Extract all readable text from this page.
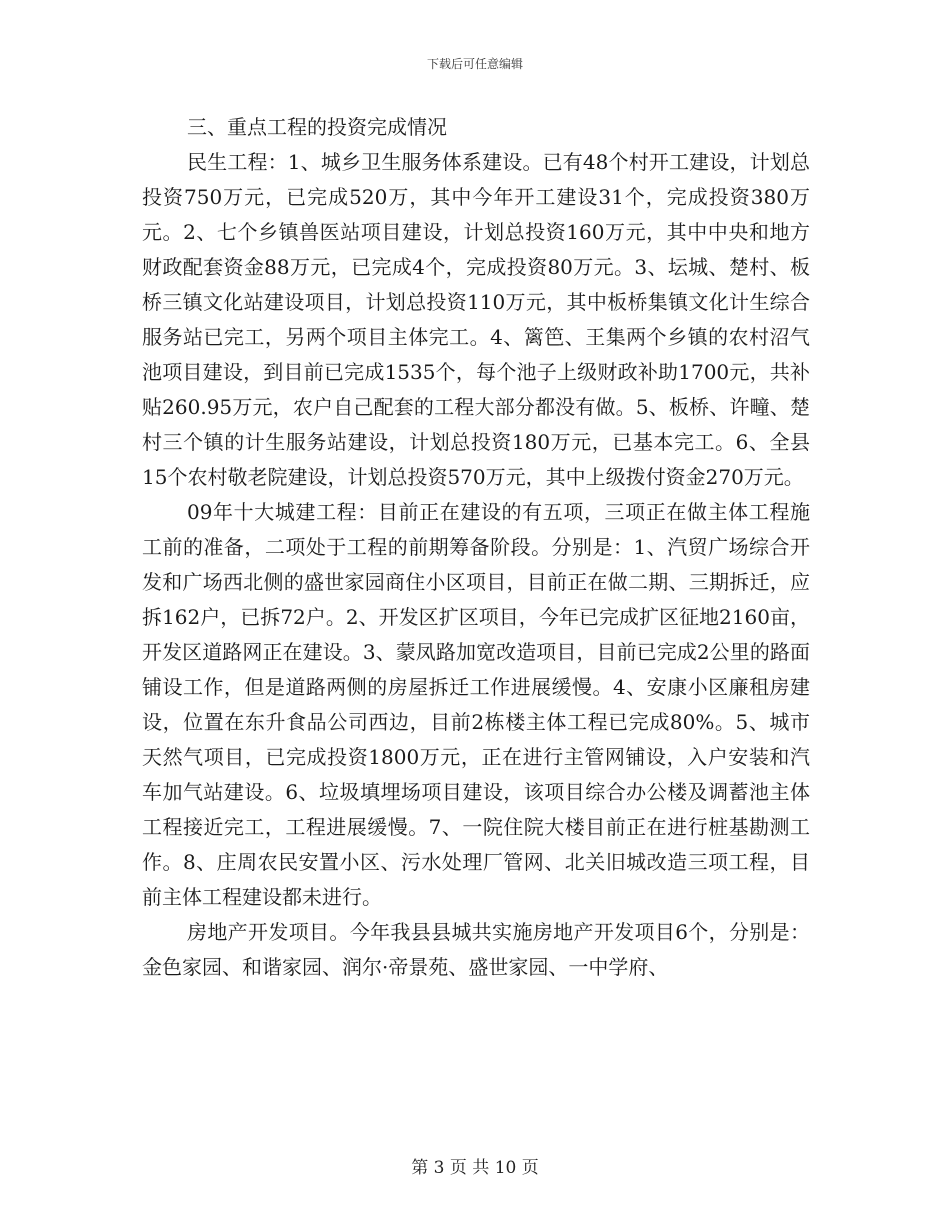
下载后可任意编辑
三、重点工程的投资完成情况

民生工程：1、城乡卫生服务体系建设。已有48个村开工建设，计划总投资750万元，已完成520万，其中今年开工建设31个，完成投资380万元。2、七个乡镇兽医站项目建设，计划总投资160万元，其中中央和地方财政配套资金88万元，已完成4个，完成投资80万元。3、坛城、楚村、板桥三镇文化站建设项目，计划总投资110万元，其中板桥集镇文化计生综合服务站已完工，另两个项目主体完工。4、篱笆、王集两个乡镇的农村沼气池项目建设，到目前已完成1535个，每个池子上级财政补助1700元，共补贴260.95万元，农户自己配套的工程大部分都没有做。5、板桥、许疃、楚村三个镇的计生服务站建设，计划总投资180万元，已基本完工。6、全县15个农村敬老院建设，计划总投资570万元，其中上级拨付资金270万元。

09年十大城建工程：目前正在建设的有五项，三项正在做主体工程施工前的准备，二项处于工程的前期筹备阶段。分别是：1、汽贸广场综合开发和广场西北侧的盛世家园商住小区项目，目前正在做二期、三期拆迁，应拆162户，已拆72户。2、开发区扩区项目，今年已完成扩区征地2160亩，开发区道路网正在建设。3、蒙凤路加宽改造项目，目前已完成2公里的路面铺设工作，但是道路两侧的房屋拆迁工作进展缓慢。4、安康小区廉租房建设，位置在东升食品公司西边，目前2栋楼主体工程已完成80%。5、城市天然气项目，已完成投资1800万元，正在进行主管网铺设，入户安装和汽车加气站建设。6、垃圾填埋场项目建设，该项目综合办公楼及调蓄池主体工程接近完工，工程进展缓慢。7、一院住院大楼目前正在进行桩基勘测工作。8、庄周农民安置小区、污水处理厂管网、北关旧城改造三项工程，目前主体工程建设都未进行。

房地产开发项目。今年我县县城共实施房地产开发项目6个，分别是：金色家园、和谐家园、润尔·帝景苑、盛世家园、一中学府、

第 3 页 共 10 页
